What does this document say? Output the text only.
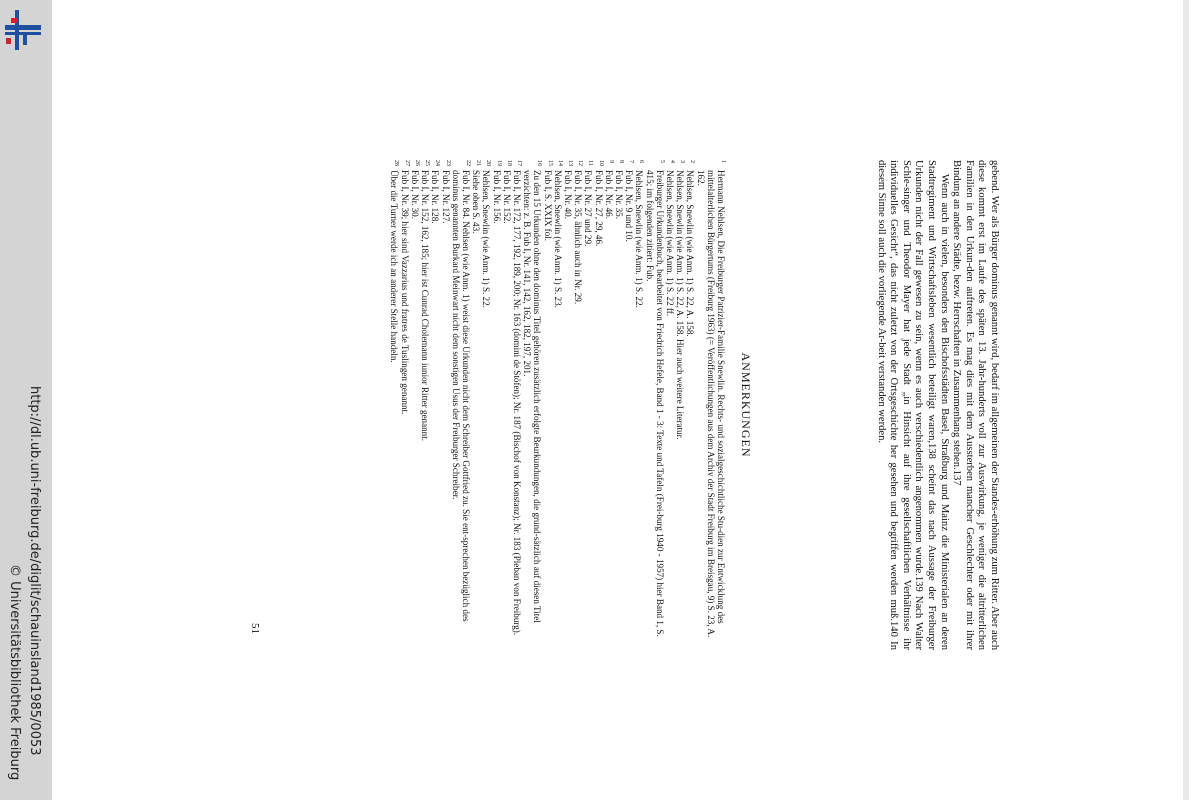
http://dl.ub.uni-freiburg.de/diglit/schauinsland1985/0053
© Universitätsbibliothek Freiburg

gebend. Wer als Bürger dominus genannt wird, bedarf im allgemeinen der Standes-erhöhung zum Ritter. Aber auch diese kommt erst im Laufe des späten 13. Jahr-hunderts voll zur Auswirkung, je weniger die altritterlichen Familien in den Urkun-den auftreten. Es mag dies mit dem Aussterben mancher Geschlechter oder mit ihrer Bindung an andere Städte, bezw. Herrschaften in Zusammenhang stehen.137

Wenn auch in vielen, besonders den Bischofsstädten Basel, Straßburg und Mainz die Ministerialen an deren Stadtregiment und Wirtschaftsleben wesentlich beteiligt waren,138 scheint das nach Aussage der Freiburger Urkunden nicht der Fall gewesen zu sein, wenn es auch verschiedentlich angenommen wurde.139 Nach Walter Schle-singer und Theodor Mayer hat jede Stadt „in Hinsicht auf ihre gesellschaftlichen Verhältnisse ihr individuelles Gesicht“, das nicht zuletzt von der Ortsgeschichte her gesehen und begriffen werden muß.140 In diesem Sinne soll auch die vorliegende Ar-beit verstanden werden.

ANMERKUNGEN
1
Hermann Nehlsen, Die Freiburger Patrizier-Familie Snewlin. Rechts- und sozialgeschichtliche Stu-dien zur Entwicklung des mittelalterlichen Bürgertums (Freiburg 1963) (= Veröffentlichungen aus dem Archiv der Stadt Freiburg im Breisgau, 9) S. 23, A. 162.
2
Nehlsen, Snewlin (wie Anm. 1) S. 22, A. 158.
3
Nehlsen, Snewlin (wie Anm. 1) S. 22, A. 158. Hier auch weitere Literatur.
4
Nehlsen, Snewlin (wie Anm. 1) S. 22 ff.
5
Freiburger Urkundenbuch, bearbeitet von Friedrich Hefele, Band 1 - 3: Texte und Tafeln (Frei-burg 1940 - 1957) hier Band 1, S. 415; im folgenden zitiert: Fub.
6
Nehlsen, Snewlin (wie Anm. 1) S. 22.
7
Fub I, Nr. 9 und 10.
8
Fub I, Nr. 35.
9
Fub I, Nr. 46.
10
Fub I, Nr. 27, 29, 46.
11
Fub I, Nr. 27 und 29.
12
Fub I, Nr. 35, ähnlich auch in Nr. 29.
13
Fub I, Nr. 40.
14
Nehlsen, Snewlin (wie Anm. 1) S. 23.
15
Fub I, S. XXIX fol.
16
Zu den 15 Urkunden ohne den dominus Titel gehören zusätzlich erfolgte Beurkundungen, die grund-sätzlich auf diesen Titel verzichten: z. B. Fub I, Nr. 141, 142, 162, 182, 197, 201.
17
Fub I, Nr. 172, 177, 192, 189, 200; Nr. 163 (domini de Stöfen); Nr. 187 (Bischof von Konstanz); Nr. 183 (Pleban von Freiburg).
18
Fub I, Nr. 152.
19
Fub I, Nr. 156.
20
Nehlsen, Snewlin (wie Anm. 1) S. 22.
21
Siehe oben S. 43.
22
Fub I, Nr. 84. Nehlsen (wie Anm. 1) weist diese Urkunden nicht dem Schreiber Gottfried zu. Sie ent-sprechen bezüglich des dominus genannten Burkard Meinwart nicht dem sonstigen Usus der Freiburger Schreiber.
23
Fub I, Nr. 127.
24
Fub I, Nr. 128.
25
Fub I, Nr. 152, 162, 185; hier ist Cunrad Cholemann iunior Ritter genannt.
26
Fub I, Nr. 30.
27
Fub I, Nr. 39; hier sind Vazzarius und fratres de Tuslingen genannt.
28
Über die Turner werde ich an anderer Stelle handeln.
51
